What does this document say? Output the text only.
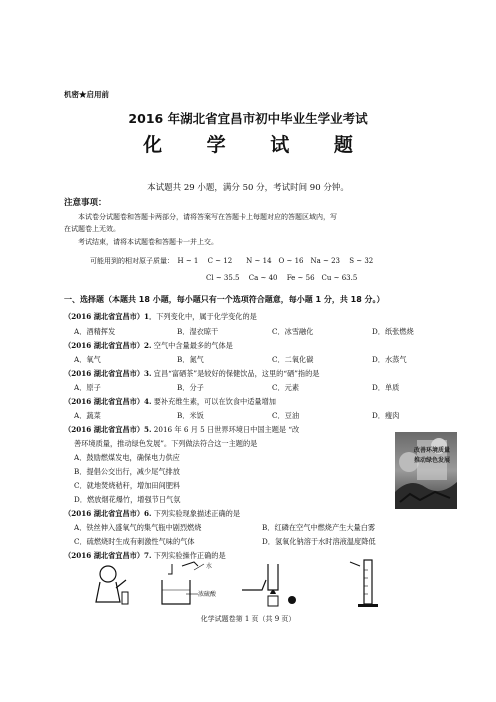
机密★启用前
2016 年湖北省宜昌市初中毕业生学业考试
化 学 试 题
本试题共 29 小题，满分 50 分，考试时间 90 分钟。
注意事项：
本试卷分试题卷和答题卡两部分，请将答案写在答题卡上每题对应的答题区域内，写
在试题卷上无效。
考试结束，请将本试题卷和答题卡一并上交。
可能用到的相对原子质量：　H ~ 1　 C ~ 12　　N ~ 14　O ~ 16　Na ~ 23　 S ~ 32
Cl ~ 35.5　 Ca ~ 40　 Fe ~ 56　Cu ~ 63.5
一、选择题（本题共 18 小题，每小题只有一个选项符合题意，每小题 1 分，共 18 分。）
（2016 湖北省宜昌市）1．下列变化中，属于化学变化的是
A．酒精挥发	B．湿衣晾干	C．冰雪融化	D．纸张燃烧
（2016 湖北省宜昌市）2. 空气中含量最多的气体是
A．氧气	B．氮气	C．二氧化碳	D．水蒸气
（2016 湖北省宜昌市）3. 宜昌“富硒茶”是较好的保健饮品，这里的“硒”指的是
A．原子	B．分子	C．元素	D．单质
（2016 湖北省宜昌市）4. 要补充维生素，可以在饮食中适量增加
A．蔬菜	B．米饭	C．豆油	D．瘦肉
（2016 湖北省宜昌市）5. 2016 年 6 月 5 日世界环境日中国主题是 “改
善环境质量，推动绿色发展”。下列做法符合这一主题的是
A．鼓励燃煤发电，确保电力供应
B．提倡公交出行，减少尾气排放
C．就地焚烧秸秆，增加田间肥料
D．燃放烟花爆竹，增强节日气氛
改善环境质量
推动绿色发展
（2016 湖北省宜昌市）6. 下列实验现象描述正确的是
A．铁丝伸入盛氧气的集气瓶中剧烈燃烧	B．红磷在空气中燃烧产生大量白雾
C．硫燃烧时生成有刺激性气味的气体	D．氢氧化钠溶于水时溶液温度降低
（2016 湖北省宜昌市）7. 下列实验操作正确的是
水
浓硫酸
化学试题卷第 1 页（共 9 页）
